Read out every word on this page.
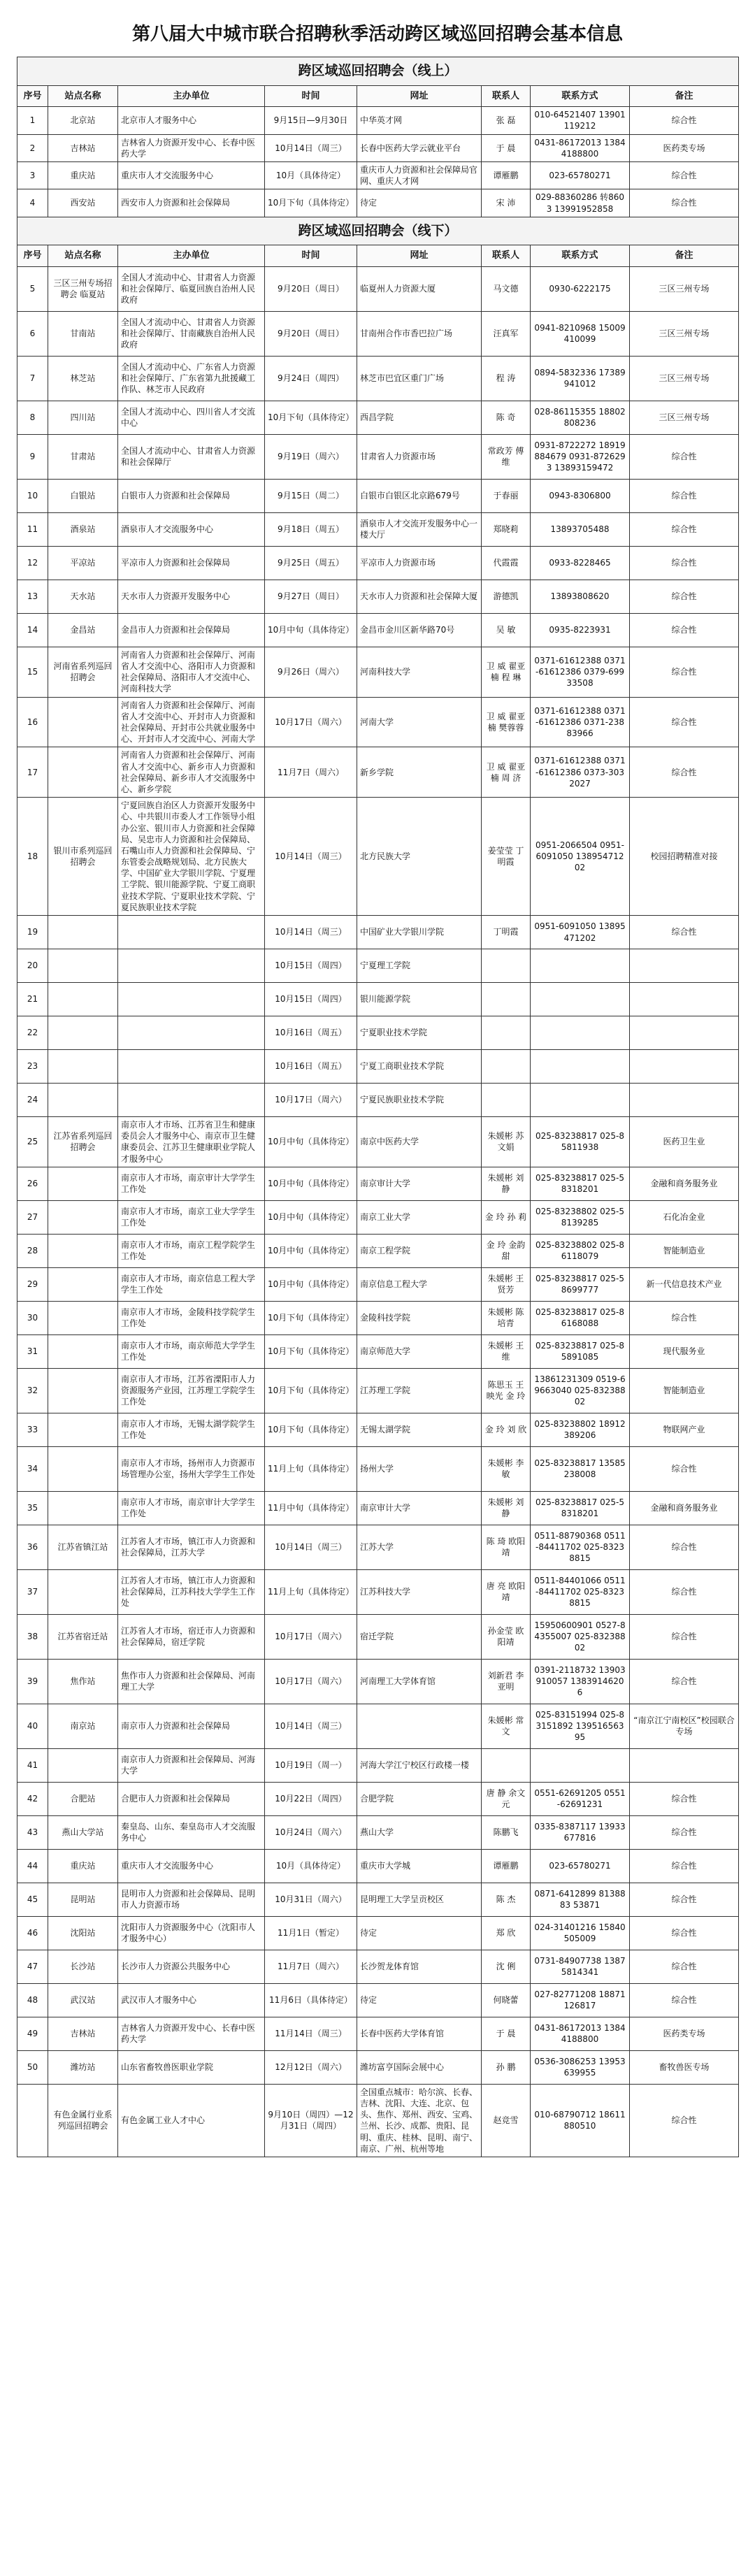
第八届大中城市联合招聘秋季活动跨区域巡回招聘会基本信息
跨区域巡回招聘会（线上）							
序号	站点名称	主办单位	时间	网址	联系人	联系方式	备注
1	北京站	北京市人才服务中心	9月15日—9月30日	中华英才网	张 磊	010-64521407 13901119212	综合性
2	吉林站	吉林省人力资源开发中心、长春中医药大学	10月14日（周三）	长春中医药大学云就业平台	于 晨	0431-86172013 13844188800	医药类专场
3	重庆站	重庆市人才交流服务中心	10月（具体待定）	重庆市人力资源和社会保障局官网、重庆人才网	谭雁鹏	023-65780271	综合性
4	西安站	西安市人力资源和社会保障局	10月下旬（具体待定）	待定	宋 沛	029-88360286 转8603 13991952858	综合性
跨区域巡回招聘会（线下）							
序号	站点名称	主办单位	时间	网址	联系人	联系方式	备注
5	三区三州专场招聘会 临夏站	全国人才流动中心、甘肃省人力资源和社会保障厅、临夏回族自治州人民政府	9月20日（周日）	临夏州人力资源大厦	马文德	0930-6222175	三区三州专场
6	甘南站	全国人才流动中心、甘肃省人力资源和社会保障厅、甘南藏族自治州人民政府	9月20日（周日）	甘南州合作市香巴拉广场	汪真军	0941-8210968 15009410099	三区三州专场
7	林芝站	全国人才流动中心、广东省人力资源和社会保障厅、广东省第九批援藏工作队、林芝市人民政府	9月24日（周四）	林芝市巴宜区重门广场	程 涛	0894-5832336 17389941012	三区三州专场
8	四川站	全国人才流动中心、四川省人才交流中心	10月下旬（具体待定）	西昌学院	陈 奇	028-86115355 18802808236	三区三州专场
9	甘肃站	全国人才流动中心、甘肃省人力资源和社会保障厅	9月19日（周六）	甘肃省人力资源市场	常政芳 傅 维	0931-8722272 18919884679 0931-8726293 13893159472	综合性
10	白银站	白银市人力资源和社会保障局	9月15日（周二）	白银市白银区北京路679号	于春丽	0943-8306800	综合性
11	酒泉站	酒泉市人才交流服务中心	9月18日（周五）	酒泉市人才交流开发服务中心一楼大厅	郑晓莉	13893705488	综合性
12	平凉站	平凉市人力资源和社会保障局	9月25日（周五）	平凉市人力资源市场	代霞霞	0933-8228465	综合性
13	天水站	天水市人力资源开发服务中心	9月27日（周日）	天水市人力资源和社会保障大厦	游德凯	13893808620	综合性
14	金昌站	金昌市人力资源和社会保障局	10月中旬（具体待定）	金昌市金川区新华路70号	吴 敏	0935-8223931	综合性
15	河南省系列巡回招聘会	河南省人力资源和社会保障厅、河南省人才交流中心、洛阳市人力资源和社会保障局、洛阳市人才交流中心、河南科技大学	9月26日（周六）	河南科技大学	卫 威 翟亚楠 程 琳	0371-61612388 0371-61612386 0379-69933508	综合性
16		河南省人力资源和社会保障厅、河南省人才交流中心、开封市人力资源和社会保障局、开封市公共就业服务中心、开封市人才交流中心、河南大学	10月17日（周六）	河南大学	卫 威 翟亚楠 樊蓉蓉	0371-61612388 0371-61612386 0371-23883966	综合性
17		河南省人力资源和社会保障厅、河南省人才交流中心、新乡市人力资源和社会保障局、新乡市人才交流服务中心、新乡学院	11月7日（周六）	新乡学院	卫 威 翟亚楠 周 济	0371-61612388 0371-61612386 0373-3032027	综合性
18	银川市系列巡回招聘会	宁夏回族自治区人力资源开发服务中心、中共银川市委人才工作领导小组办公室、银川市人力资源和社会保障局、吴忠市人力资源和社会保障局、石嘴山市人力资源和社会保障局、宁东管委会战略规划局、北方民族大学、中国矿业大学银川学院、宁夏理工学院、银川能源学院、宁夏工商职业技术学院、宁夏职业技术学院、宁夏民族职业技术学院	10月14日（周三）	北方民族大学	姜莹莹 丁明霞	0951-2066504 0951-6091050 13895471202	校园招聘精准对接
19			10月14日（周三）	中国矿业大学银川学院	丁明霞	0951-6091050 13895471202	综合性
20			10月15日（周四）	宁夏理工学院			
21			10月15日（周四）	银川能源学院			
22			10月16日（周五）	宁夏职业技术学院			
23			10月16日（周五）	宁夏工商职业技术学院			
24			10月17日（周六）	宁夏民族职业技术学院			
25	江苏省系列巡回招聘会	南京市人才市场、江苏省卫生和健康委员会人才服务中心、南京市卫生健康委员会、江苏卫生健康职业学院人才服务中心	10月中旬（具体待定）	南京中医药大学	朱媛彬 苏文娟	025-83238817 025-85811938	医药卫生业
26		南京市人才市场，南京审计大学学生工作处	10月中旬（具体待定）	南京审计大学	朱媛彬 刘 静	025-83238817 025-58318201	金融和商务服务业
27		南京市人才市场，南京工业大学学生工作处	10月中旬（具体待定）	南京工业大学	金 玲 孙 莉	025-83238802 025-58139285	石化冶金业
28		南京市人才市场，南京工程学院学生工作处	10月中旬（具体待定）	南京工程学院	金 玲 金韵甜	025-83238802 025-86118079	智能制造业
29		南京市人才市场，南京信息工程大学学生工作处	10月中旬（具体待定）	南京信息工程大学	朱媛彬 王贤芳	025-83238817 025-58699777	新一代信息技术产业
30		南京市人才市场，金陵科技学院学生工作处	10月下旬（具体待定）	金陵科技学院	朱媛彬 陈培青	025-83238817 025-86168088	综合性
31		南京市人才市场，南京师范大学学生工作处	10月下旬（具体待定）	南京师范大学	朱媛彬 王 维	025-83238817 025-85891085	现代服务业
32		南京市人才市场，江苏省溧阳市人力资源服务产业园，江苏理工学院学生工作处	10月下旬（具体待定）	江苏理工学院	陈思玉 王映光 金 玲	13861231309 0519-69663040 025-83238802	智能制造业
33		南京市人才市场，无锡太湖学院学生工作处	10月下旬（具体待定）	无锡太湖学院	金 玲 刘 欣	025-83238802 18912389206	物联网产业
34		南京市人才市场，扬州市人力资源市场管理办公室，扬州大学学生工作处	11月上旬（具体待定）	扬州大学	朱媛彬 李 敏	025-83238817 13585238008	综合性
35		南京市人才市场，南京审计大学学生工作处	11月中旬（具体待定）	南京审计大学	朱媛彬 刘 静	025-83238817 025-58318201	金融和商务服务业
36	江苏省镇江站	江苏省人才市场，镇江市人力资源和社会保障局，江苏大学	10月14日（周三）	江苏大学	陈 琦 欧阳靖	0511-88790368 0511-84411702 025-83238815	综合性
37		江苏省人才市场，镇江市人力资源和社会保障局，江苏科技大学学生工作处	11月上旬（具体待定）	江苏科技大学	唐 亮 欧阳靖	0511-84401066 0511-84411702 025-83238815	综合性
38	江苏省宿迁站	江苏省人才市场，宿迁市人力资源和社会保障局，宿迁学院	10月17日（周六）	宿迁学院	孙金莹 欧阳靖	15950600901 0527-84355007 025-83238802	综合性
39	焦作站	焦作市人力资源和社会保障局、河南理工大学	10月17日（周六）	河南理工大学体育馆	刘新君 李亚明	0391-2118732 13903910057 13839146206	综合性
40	南京站	南京市人力资源和社会保障局	10月14日（周三）		朱媛彬 常 文	025-83151994 025-83151892 13951656395	“南京江宁南校区”校园联合专场
41		南京市人力资源和社会保障局、河海大学	10月19日（周一）	河海大学江宁校区行政楼一楼			
42	合肥站	合肥市人力资源和社会保障局	10月22日（周四）	合肥学院	唐 静 余文元	0551-62691205 0551-62691231	综合性
43	燕山大学站	秦皇岛、山东、秦皇岛市人才交流服务中心	10月24日（周六）	燕山大学	陈鹏飞	0335-8387117 13933677816	综合性
44	重庆站	重庆市人才交流服务中心	10月（具体待定）	重庆市大学城	谭雁鹏	023-65780271	综合性
45	昆明站	昆明市人力资源和社会保障局、昆明市人力资源市场	10月31日（周六）	昆明理工大学呈贡校区	陈 杰	0871-6412899 8138883 53871	综合性
46	沈阳站	沈阳市人力资源服务中心（沈阳市人才服务中心）	11月1日（暂定）	待定	郑 欣	024-31401216 15840505009	综合性
47	长沙站	长沙市人力资源公共服务中心	11月7日（周六）	长沙贺龙体育馆	沈 俐	0731-84907738 13875814341	综合性
48	武汉站	武汉市人才服务中心	11月6日（具体待定）	待定	何晓蕾	027-82771208 18871126817	综合性
49	吉林站	吉林省人力资源开发中心、长春中医药大学	11月14日（周三）	长春中医药大学体育馆	于 晨	0431-86172013 13844188800	医药类专场
50	潍坊站	山东省畜牧兽医职业学院	12月12日（周六）	潍坊富亨国际会展中心	孙 鹏	0536-3086253 13953639955	畜牧兽医专场
	有色金属行业系列巡回招聘会	有色金属工业人才中心	9月10日（周四）—12月31日（周四）	全国重点城市：哈尔滨、长春、吉林、沈阳、大连、北京、包头、焦作、郑州、西安、宝鸡、兰州、长沙、成都、贵阳、昆明、重庆、桂林、昆明、南宁、南京、广州、杭州等地	赵竞雪	010-68790712 18611880510	综合性
